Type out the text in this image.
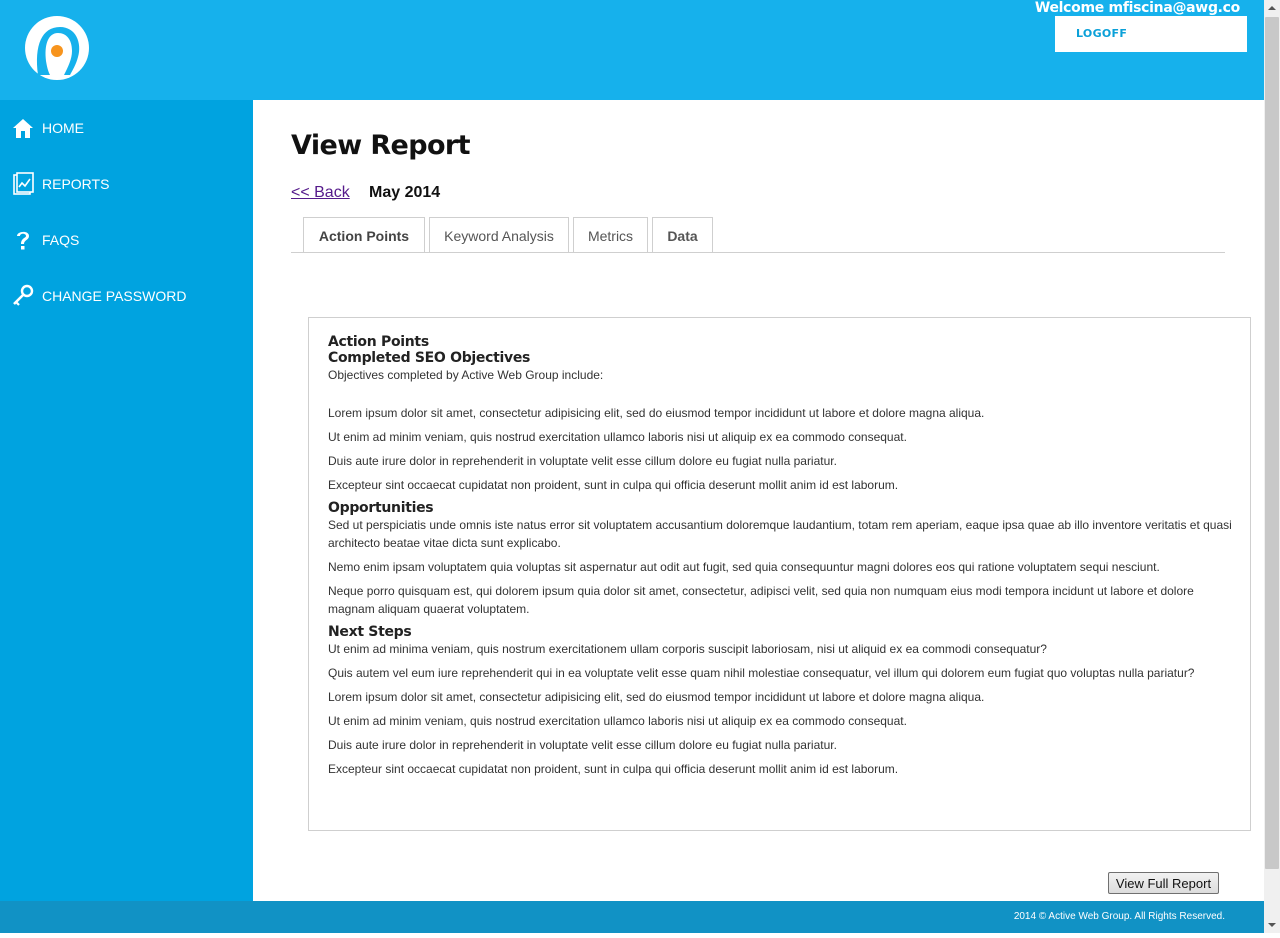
Welcome mfiscina@awg.co
LOGOFF
HOME
REPORTS
FAQS
CHANGE PASSWORD
View Report
<< Back May 2014
Action Points	Keyword Analysis	Metrics	Data
Action Points
Completed SEO Objectives

Objectives completed by Active Web Group include:

Lorem ipsum dolor sit amet, consectetur adipisicing elit, sed do eiusmod tempor incididunt ut labore et dolore magna aliqua.

Ut enim ad minim veniam, quis nostrud exercitation ullamco laboris nisi ut aliquip ex ea commodo consequat.

Duis aute irure dolor in reprehenderit in voluptate velit esse cillum dolore eu fugiat nulla pariatur.

Excepteur sint occaecat cupidatat non proident, sunt in culpa qui officia deserunt mollit anim id est laborum.

Opportunities

Sed ut perspiciatis unde omnis iste natus error sit voluptatem accusantium doloremque laudantium, totam rem aperiam, eaque ipsa quae ab illo inventore veritatis et quasi architecto beatae vitae dicta sunt explicabo.

Nemo enim ipsam voluptatem quia voluptas sit aspernatur aut odit aut fugit, sed quia consequuntur magni dolores eos qui ratione voluptatem sequi nesciunt.

Neque porro quisquam est, qui dolorem ipsum quia dolor sit amet, consectetur, adipisci velit, sed quia non numquam eius modi tempora incidunt ut labore et dolore magnam aliquam quaerat voluptatem.

Next Steps

Ut enim ad minima veniam, quis nostrum exercitationem ullam corporis suscipit laboriosam, nisi ut aliquid ex ea commodi consequatur?

Quis autem vel eum iure reprehenderit qui in ea voluptate velit esse quam nihil molestiae consequatur, vel illum qui dolorem eum fugiat quo voluptas nulla pariatur?

Lorem ipsum dolor sit amet, consectetur adipisicing elit, sed do eiusmod tempor incididunt ut labore et dolore magna aliqua.

Ut enim ad minim veniam, quis nostrud exercitation ullamco laboris nisi ut aliquip ex ea commodo consequat.

Duis aute irure dolor in reprehenderit in voluptate velit esse cillum dolore eu fugiat nulla pariatur.

Excepteur sint occaecat cupidatat non proident, sunt in culpa qui officia deserunt mollit anim id est laborum.

View Full Report
2014 © Active Web Group. All Rights Reserved.
